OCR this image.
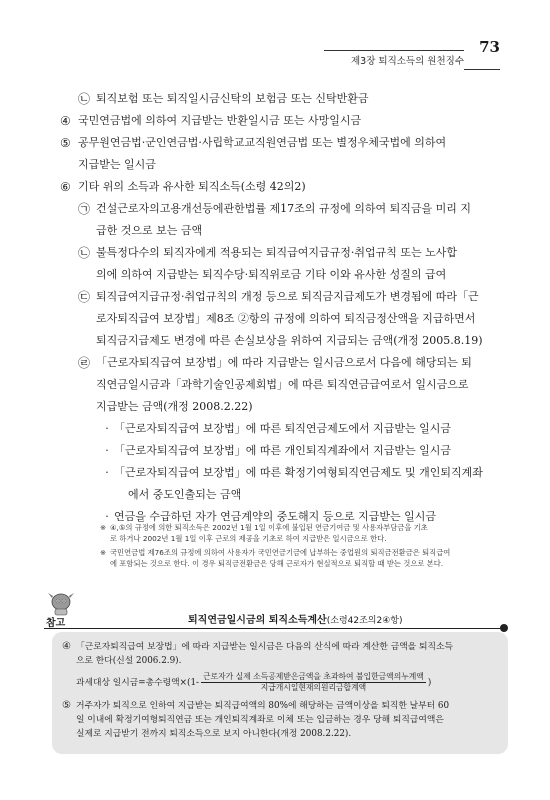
제3장 퇴직소득의 원천징수
73
㉡ 퇴직보험 또는 퇴직일시금신탁의 보험금 또는 신탁반환금
④ 국민연금법에 의하여 지급받는 반환일시금 또는 사망일시금
⑤ 공무원연금법·군인연금법·사립학교교직원연금법 또는 별정우체국법에 의하여
지급받는 일시금
⑥ 기타 위의 소득과 유사한 퇴직소득(소령 42의2)
㉠ 건설근로자의고용개선등에관한법률 제17조의 규정에 의하여 퇴직금을 미리 지
급한 것으로 보는 금액
㉡ 불특정다수의 퇴직자에게 적용되는 퇴직급여지급규정·취업규칙 또는 노사합
의에 의하여 지급받는 퇴직수당·퇴직위로금 기타 이와 유사한 성질의 급여
㉢ 퇴직급여지급규정·취업규칙의 개정 등으로 퇴직금지급제도가 변경됨에 따라「근
로자퇴직급여 보장법」제8조 ②항의 규정에 의하여 퇴직금정산액을 지급하면서
퇴직금지급제도 변경에 따른 손실보상을 위하여 지급되는 금액(개정 2005.8.19)
㉣ 「근로자퇴직급여 보장법」에 따라 지급받는 일시금으로서 다음에 해당되는 퇴
직연금일시금과「과학기술인공제회법」에 따른 퇴직연금급여로서 일시금으로
지급받는 금액(개정 2008.2.22)
· 「근로자퇴직급여 보장법」에 따른 퇴직연금제도에서 지급받는 일시금
· 「근로자퇴직급여 보장법」에 따른 개인퇴직계좌에서 지급받는 일시금
· 「근로자퇴직급여 보장법」에 따른 확정기여형퇴직연금제도 및 개인퇴직계좌
에서 중도인출되는 금액
· 연금을 수급하던 자가 연금계약의 중도해지 등으로 지급받는 일시금
※ ④,⑤의 규정에 의한 퇴직소득은 2002년 1월 1일 이후에 불입된 연금기여금 및 사용자부담금을 기초
로 하거나 2002년 1월 1일 이후 근로의 제공을 기초로 하여 지급받은 일시금으로 한다.
※ 국민연금법 제76조의 규정에 의하여 사용자가 국민연금기금에 납부하는 중업원의 퇴직금전환금은 퇴직급여
에 포함되는 것으로 한다. 이 경우 퇴직금전환금은 당해 근로자가 현실적으로 퇴직할 때 받는 것으로 본다.
참고	퇴직연금일시금의 퇴직소득계산(소령42조의2④항)
④ 「근로자퇴직급여 보장법」에 따라 지급받는 일시금은 다음의 산식에 따라 계산한 금액을 퇴직소득
으로 한다(신설 2006.2.9).
과세대상 일시금=총수령액$\times(1- \frac{\text{근로자가 실제 소득공제받은금액을 초과하여 불입한금액의누계액}}{\text{지급개시일현재의원리금합계액}}$ )
⑤ 거주자가 퇴직으로 인하여 지급받는 퇴직급여액의 80%에 해당하는 금액이상을 퇴직한 날부터 60
일 이내에 확정기여형퇴직연금 또는 개인퇴직계좌로 이체 또는 입금하는 경우 당해 퇴직급여액은
실제로 지급받기 전까지 퇴직소득으로 보지 아니한다(개정 2008.2.22).
